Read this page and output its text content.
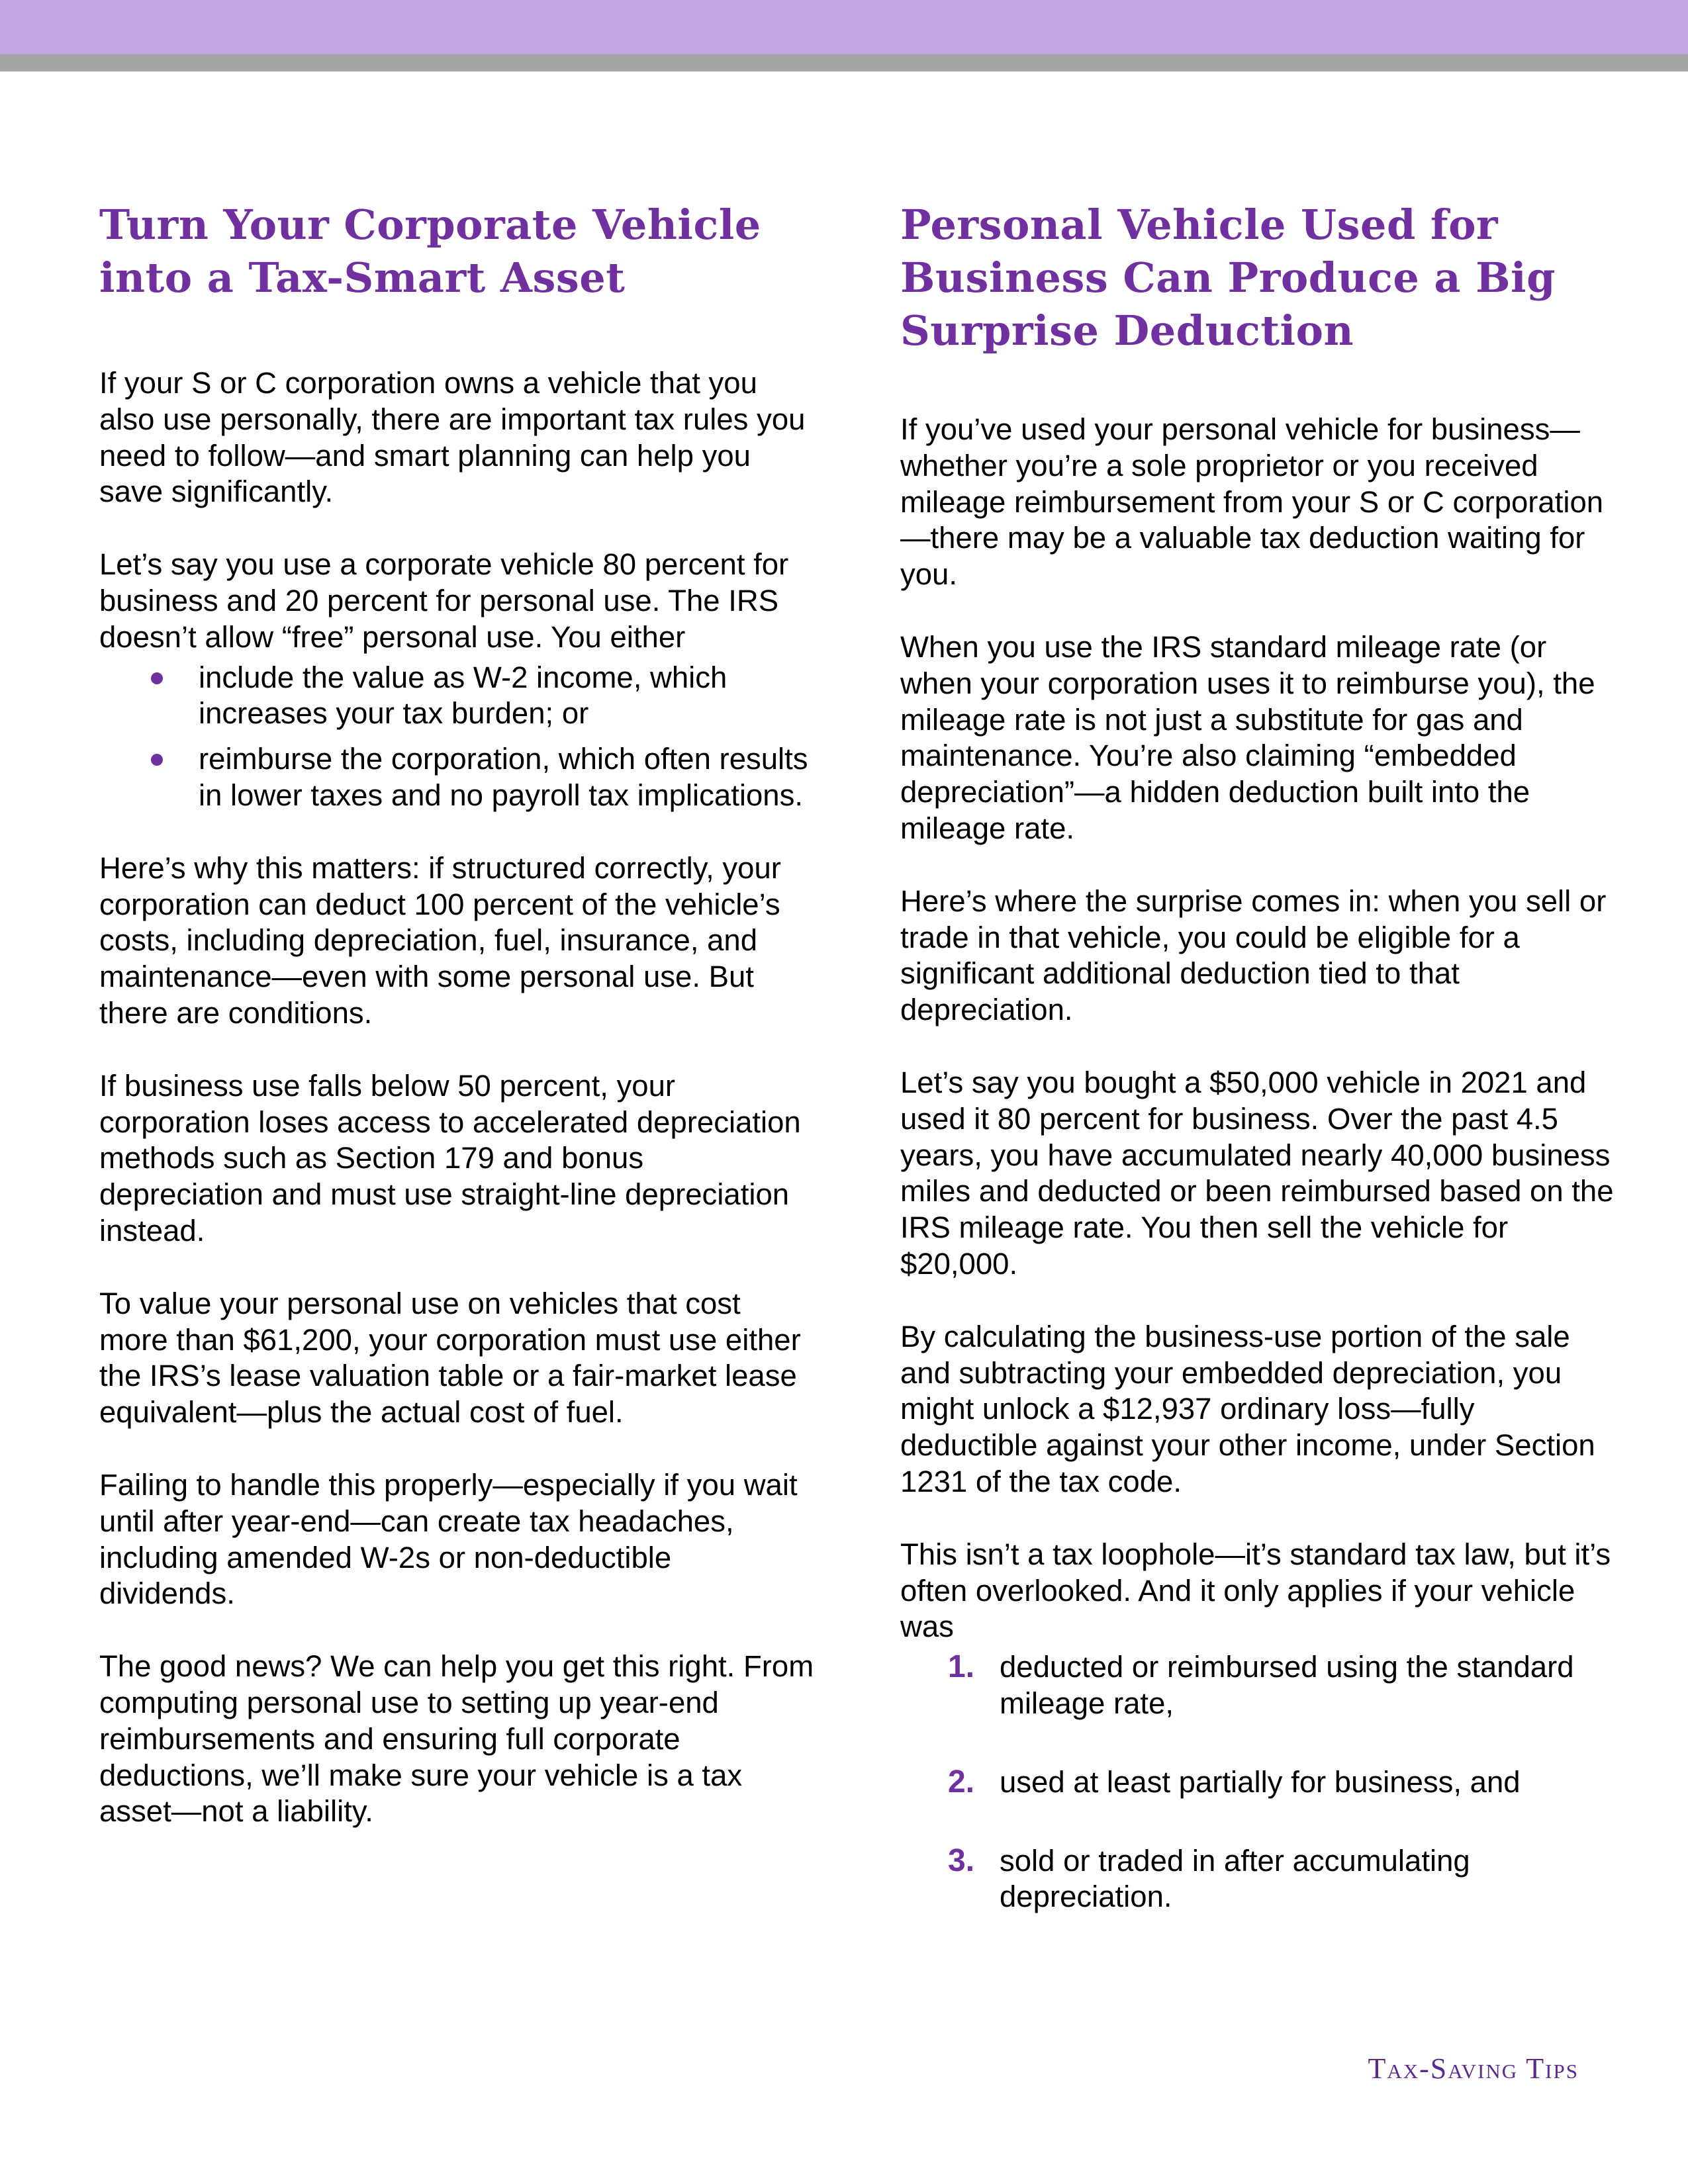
Turn Your Corporate Vehicle into a Tax-Smart Asset

If your S or C corporation owns a vehicle that you also use personally, there are important tax rules you need to follow—and smart planning can help you save significantly.

Let’s say you use a corporate vehicle 80 percent for business and 20 percent for personal use. The IRS doesn’t allow “free” personal use. You either

include the value as W-2 income, which increases your tax burden; or
reimburse the corporation, which often results in lower taxes and no payroll tax implications.

Here’s why this matters: if structured correctly, your corporation can deduct 100 percent of the vehicle’s costs, including depreciation, fuel, insurance, and maintenance—even with some personal use. But there are conditions.

If business use falls below 50 percent, your corporation loses access to accelerated depreciation methods such as Section 179 and bonus depreciation and must use straight-line depreciation instead.

To value your personal use on vehicles that cost more than $61,200, your corporation must use either the IRS’s lease valuation table or a fair-market lease equivalent—plus the actual cost of fuel.

Failing to handle this properly—especially if you wait until after year-end—can create tax headaches, including amended W-2s or non-deductible dividends.

The good news? We can help you get this right. From computing personal use to setting up year-end reimbursements and ensuring full corporate deductions, we’ll make sure your vehicle is a tax asset—not a liability.

Personal Vehicle Used for Business Can Produce a Big Surprise Deduction

If you’ve used your personal vehicle for business—whether you’re a sole proprietor or you received mileage reimbursement from your S or C corporation—there may be a valuable tax deduction waiting for you.

When you use the IRS standard mileage rate (or when your corporation uses it to reimburse you), the mileage rate is not just a substitute for gas and maintenance. You’re also claiming “embedded depreciation”—a hidden deduction built into the mileage rate.

Here’s where the surprise comes in: when you sell or trade in that vehicle, you could be eligible for a significant additional deduction tied to that depreciation.

Let’s say you bought a $50,000 vehicle in 2021 and used it 80 percent for business. Over the past 4.5 years, you have accumulated nearly 40,000 business miles and deducted or been reimbursed based on the IRS mileage rate. You then sell the vehicle for $20,000.

By calculating the business-use portion of the sale and subtracting your embedded depreciation, you might unlock a $12,937 ordinary loss—fully deductible against your other income, under Section 1231 of the tax code.

This isn’t a tax loophole—it’s standard tax law, but it’s often overlooked. And it only applies if your vehicle was

1. deducted or reimbursed using the standard mileage rate,
2. used at least partially for business, and
3. sold or traded in after accumulating depreciation.
Tax-Saving Tips
